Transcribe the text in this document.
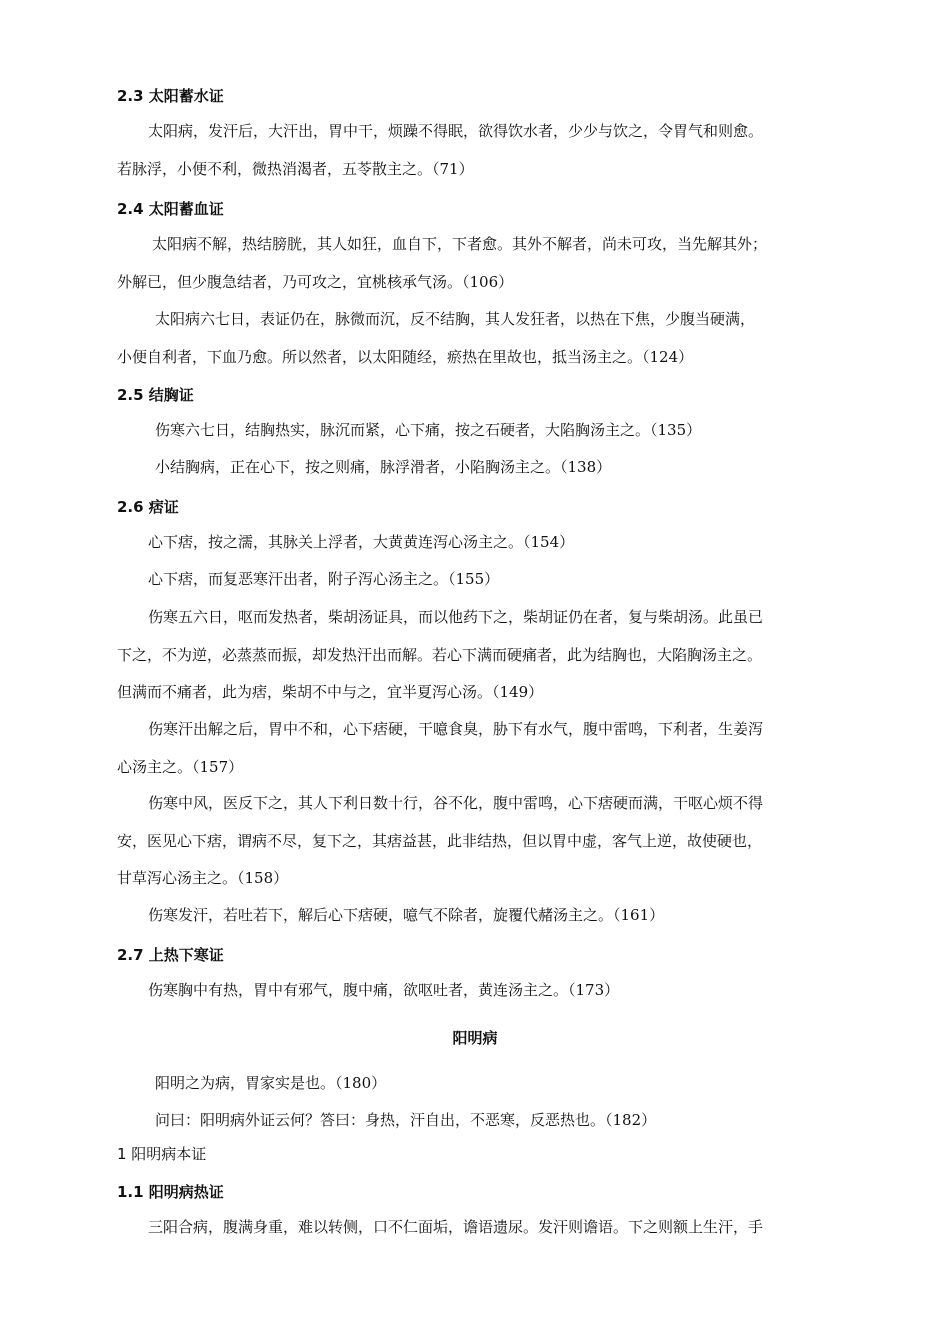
2.3 太阳蓄水证
太阳病，发汗后，大汗出，胃中干，烦躁不得眠，欲得饮水者，少少与饮之，令胃气和则愈。
若脉浮，小便不利，微热消渴者，五苓散主之。（71）
2.4 太阳蓄血证
太阳病不解，热结膀胱，其人如狂，血自下，下者愈。其外不解者，尚未可攻，当先解其外；
外解已，但少腹急结者，乃可攻之，宜桃核承气汤。（106）
太阳病六七日，表证仍在，脉微而沉，反不结胸，其人发狂者，以热在下焦，少腹当硬满，
小便自利者，下血乃愈。所以然者，以太阳随经，瘀热在里故也，抵当汤主之。（124）
2.5 结胸证
伤寒六七日，结胸热实，脉沉而紧，心下痛，按之石硬者，大陷胸汤主之。（135）
小结胸病，正在心下，按之则痛，脉浮滑者，小陷胸汤主之。（138）
2.6 痞证
心下痞，按之濡，其脉关上浮者，大黄黄连泻心汤主之。（154）
心下痞，而复恶寒汗出者，附子泻心汤主之。（155）
伤寒五六日，呕而发热者，柴胡汤证具，而以他药下之，柴胡证仍在者，复与柴胡汤。此虽已
下之，不为逆，必蒸蒸而振，却发热汗出而解。若心下满而硬痛者，此为结胸也，大陷胸汤主之。
但满而不痛者，此为痞，柴胡不中与之，宜半夏泻心汤。（149）
伤寒汗出解之后，胃中不和，心下痞硬，干噫食臭，胁下有水气，腹中雷鸣，下利者，生姜泻
心汤主之。（157）
伤寒中风，医反下之，其人下利日数十行，谷不化，腹中雷鸣，心下痞硬而满，干呕心烦不得
安，医见心下痞，谓病不尽，复下之，其痞益甚，此非结热，但以胃中虚，客气上逆，故使硬也，
甘草泻心汤主之。（158）
伤寒发汗，若吐若下，解后心下痞硬，噫气不除者，旋覆代赭汤主之。（161）
2.7 上热下寒证
伤寒胸中有热，胃中有邪气，腹中痛，欲呕吐者，黄连汤主之。（173）
阳明病
阳明之为病，胃家实是也。（180）
问曰：阳明病外证云何？答曰：身热，汗自出，不恶寒，反恶热也。（182）
1 阳明病本证
1.1 阳明病热证
三阳合病，腹满身重，难以转侧，口不仁面垢，谵语遗尿。发汗则谵语。下之则额上生汗，手
